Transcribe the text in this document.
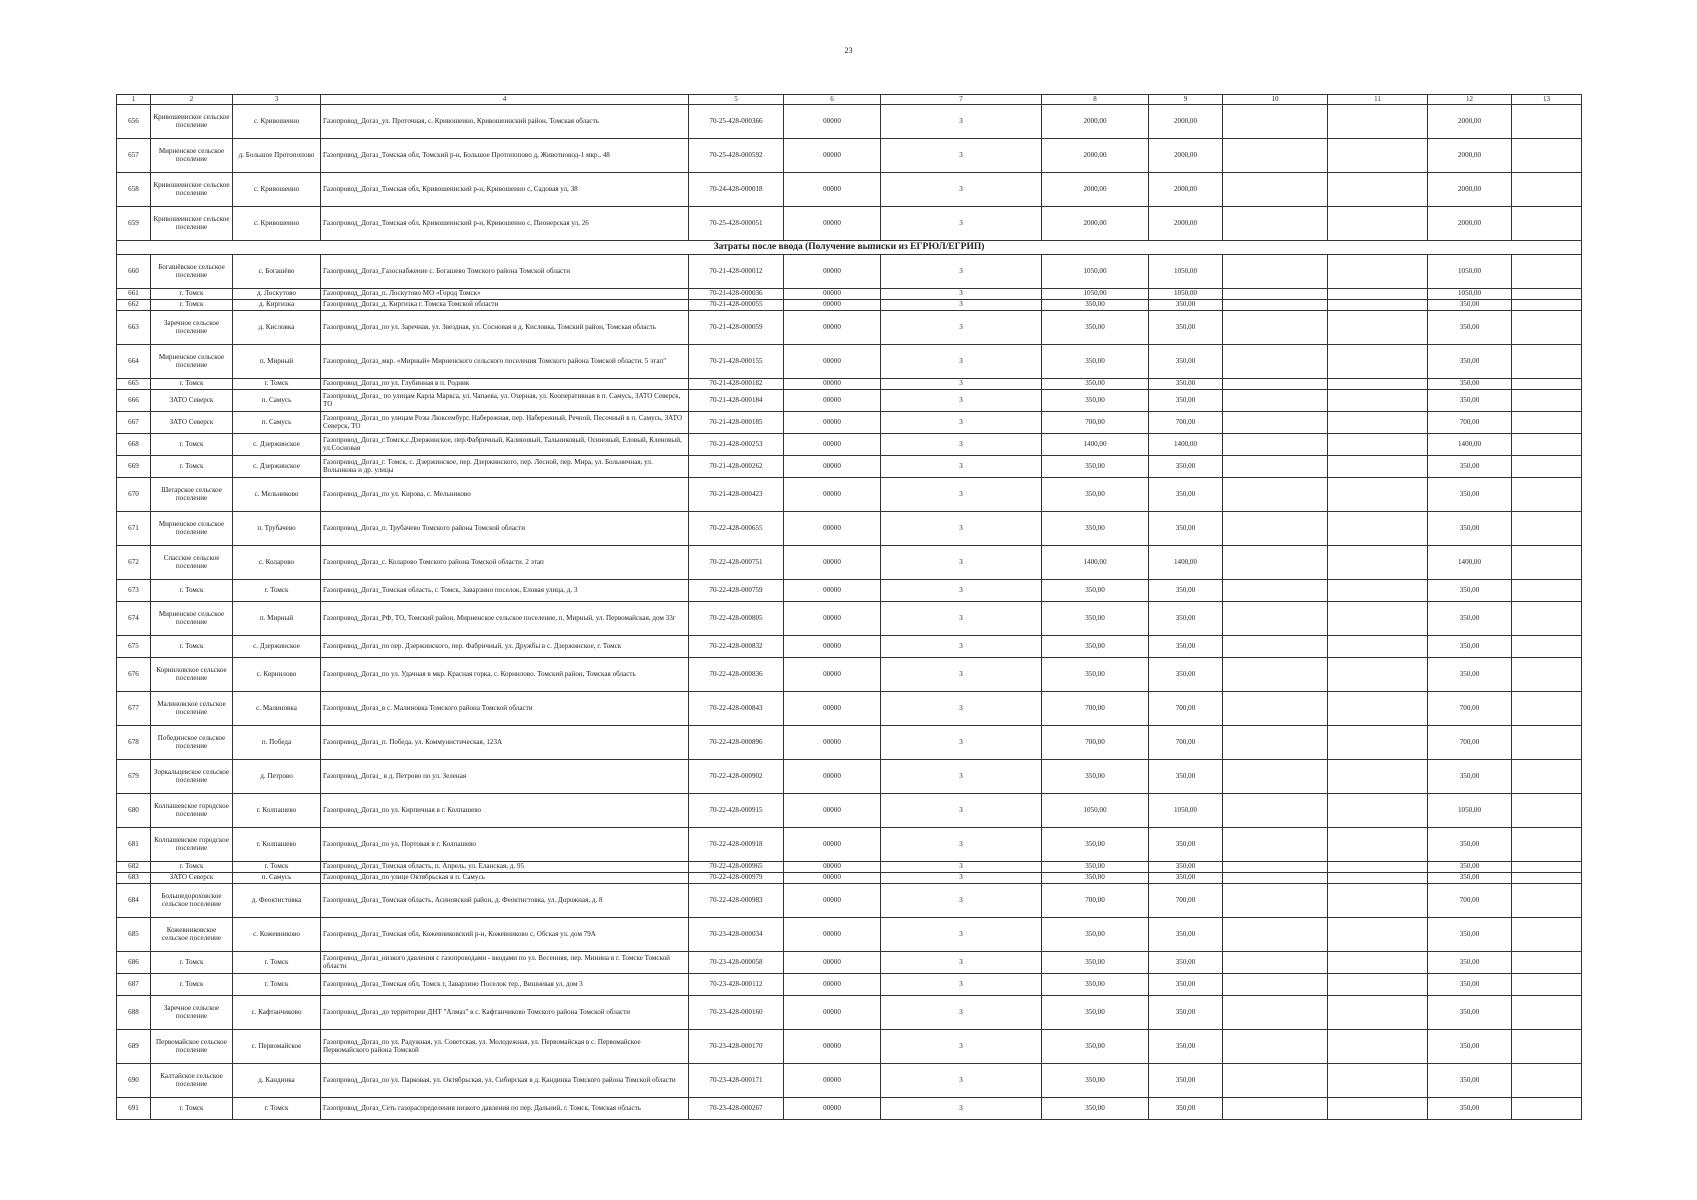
23
1	2	3	4	5	6	7	8	9	10	11	12	13
656	Кривошеинское сельское поселение	с. Кривошеино	Газопровод_Догаз_ул. Проточная, с. Кривошеино, Кривошеинский район, Томская область	70-25-428-000366	00000	3	2000,00	2000,00			2000,00	
657	Мирненское сельское поселение	д. Большое Протопопово	Газопровод_Догаз_Томская обл, Томский р-н, Большое Протопопово д, Животновод-1 мкр., 48	70-25-428-000592	00000	3	2000,00	2000,00			2000,00	
658	Кривошеинское сельское поселение	с. Кривошеино	Газопровод_Догаз_Томская обл, Кривошеинский р-н, Кривошеино с, Садовая ул, 38	70-24-428-000018	00000	3	2000,00	2000,00			2000,00	
659	Кривошеинское сельское поселение	с. Кривошеино	Газопровод_Догаз_Томская обл, Кривошеинский р-н, Кривошеино с, Пионерская ул, 26	70-25-428-000051	00000	3	2000,00	2000,00			2000,00	
Затраты после ввода (Получение выписки из ЕГРЮЛ/ЕГРИП)												
660	Богашёвское сельское поселение	с. Богашёво	Газопровод_Догаз_Газоснабжение с. Богашево Томского района Томской области	70-21-428-000012	00000	3	1050,00	1050,00			1050,00	
661	г. Томск	д. Лоскутово	Газопровод_Догаз_п. Лоскутово МО «Город Томск»	70-21-428-000036	00000	3	1050,00	1050,00			1050,00	
662	г. Томск	д. Киргизка	Газопровод_Догаз_д. Киргизка г. Томска Томской области	70-21-428-000055	00000	3	350,00	350,00			350,00	
663	Заречное сельское поселение	д. Кисловка	Газопровод_Догаз_по ул. Заречная, ул. Звездная, ул. Сосновая в д. Кисловка, Томский район, Томская область	70-21-428-000059	00000	3	350,00	350,00			350,00	
664	Мирненское сельское поселение	п. Мирный	Газопровод_Догаз_мкр. «Мирный» Мирненского сельского поселения Томского района Томской области. 5 этап"	70-21-428-000155	00000	3	350,00	350,00			350,00	
665	г. Томск	г. Томск	Газопровод_Догаз_по ул. Глубинная в п. Родник	70-21-428-000182	00000	3	350,00	350,00			350,00	
666	ЗАТО Северск	п. Самусь	Газопровод_Догаз_ по улицам Карла Маркса, ул. Чапаева, ул. Озерная, ул. Кооперативная в п. Самусь, ЗАТО Северск, ТО	70-21-428-000184	00000	3	350,00	350,00			350,00	
667	ЗАТО Северск	п. Самусь	Газопровод_Догаз_по улицам Розы Люксембург, Набережная, пер. Набережный, Речной, Песочный в п. Самусь, ЗАТО Северск, ТО	70-21-428-000185	00000	3	700,00	700,00			700,00	
668	г. Томск	с. Дзержинское	Газопровод_Догаз_г.Томск,с.Дзержинское, пер.Фабричный, Калиновый, Тальниковый, Осиновый, Еловый, Кленовый, ул.Сосновая	70-21-428-000253	00000	3	1400,00	1400,00			1400,00	
669	г. Томск	с. Дзержинское	Газопровод_Догаз_г. Томск, с. Дзержинское, пер. Дзержинского, пер. Лесной, пер. Мира, ул. Больничная, ул. Волынкова и др. улицы	70-21-428-000262	00000	3	350,00	350,00			350,00	
670	Шегарское сельское поселение	с. Мельниково	Газопровод_Догаз_по ул. Кирова, с. Мельниково	70-21-428-000423	00000	3	350,00	350,00			350,00	
671	Мирненское сельское поселение	п. Трубачево	Газопровод_Догаз_п. Трубачево Томского района Томской области	70-22-428-000655	00000	3	350,00	350,00			350,00	
672	Спасское сельское поселение	с. Коларово	Газопровод_Догаз_с. Коларово Томского района Томской области. 2 этап	70-22-428-000751	00000	3	1400,00	1400,00			1400,00	
673	г. Томск	г. Томск	Газопровод_Догаз_Томская область, г. Томск, Заварзино поселок, Еловая улица, д. 3	70-22-428-000759	00000	3	350,00	350,00			350,00	
674	Мирненское сельское поселение	п. Мирный	Газопровод_Догаз_РФ, ТО, Томский район, Мирненское сельское поселение, п. Мирный, ул. Первомайская, дом 33г	70-22-428-000805	00000	3	350,00	350,00			350,00	
675	г. Томск	с. Дзержинское	Газопровод_Догаз_по пер. Дзержинского, пер. Фабричный, ул. Дружбы в с. Дзержинское, г. Томск	70-22-428-000832	00000	3	350,00	350,00			350,00	
676	Корниловское сельское поселение	с. Корнилово	Газопровод_Догаз_по ул. Удачная в мкр. Красная горка, с. Корнилово. Томский район, Томская область	70-22-428-000836	00000	3	350,00	350,00			350,00	
677	Малиновское сельское поселение	с. Малиновка	Газопровод_Догаз_в с. Малиновка Томского района Томской области	70-22-428-000843	00000	3	700,00	700,00			700,00	
678	Побединское сельское поселение	п. Победа	Газопровод_Догаз_п. Победа, ул. Коммунистическая, 123А	70-22-428-000896	00000	3	700,00	700,00			700,00	
679	Зоркальцевское сельское поселение	д. Петрово	Газопровод_Догаз_ в д. Петрово по ул. Зеленая	70-22-428-000902	00000	3	350,00	350,00			350,00	
680	Колпашевское городское поселение	г. Колпашево	Газопровод_Догаз_по ул. Кирпичная в г. Колпашево	70-22-428-000915	00000	3	1050,00	1050,00			1050,00	
681	Колпашевское городское поселение	г. Колпашево	Газопровод_Догаз_по ул. Портовая в г. Колпашево	70-22-428-000918	00000	3	350,00	350,00			350,00	
682	г. Томск	г. Томск	Газопровод_Догаз_Томская область, п. Апрель, ул. Еланская, д. 95	70-22-428-000965	00000	3	350,00	350,00			350,00	
683	ЗАТО Северск	п. Самусь	Газопровод_Догаз_по улице Октябрьская в п. Самусь	70-22-428-000979	00000	3	350,00	350,00			350,00	
684	Большедороховское сельское поселение	д. Феоктистовка	Газопровод_Догаз_Томская область, Асиновский район, д. Феоктистовка, ул. Дорожная, д. 8	70-22-428-000983	00000	3	700,00	700,00			700,00	
685	Кожевниковское сельское поселение	с. Кожевниково	Газопровод_Догаз_Томская обл, Кожевниковский р-н, Кожевниково с, Обская ул. дом 79А	70-23-428-000034	00000	3	350,00	350,00			350,00	
686	г. Томск	г. Томск	Газопровод_Догаз_низкого давления с газопроводами - вводами по ул. Весенняя, пер. Минина в г. Томске Томской области	70-23-428-000058	00000	3	350,00	350,00			350,00	
687	г. Томск	г. Томск	Газопровод_Догаз_Томская обл, Томск г, Заварзино Поселок тер., Вишневая ул, дом 3	70-23-428-000112	00000	3	350,00	350,00			350,00	
688	Заречное сельское поселение	с. Кафтанчиково	Газопровод_Догаз_до территории ДНТ "Алмаз" в с. Кафтанчиково Томского района Томской области	70-23-428-000160	00000	3	350,00	350,00			350,00	
689	Первомайское сельское поселение	с. Первомайское	Газопровод_Догаз_по ул. Радужная, ул. Советская, ул. Молодежная, ул. Первомайская в с. Первомайское Первомайского района Томской	70-23-428-000170	00000	3	350,00	350,00			350,00	
690	Калтайское сельское поселение	д. Кандинка	Газопровод_Догаз_по ул. Парковая, ул. Октябрьская, ул. Сибирская в д. Кандинка Томского района Томской области	70-23-428-000171	00000	3	350,00	350,00			350,00	
691	г. Томск	г. Томск	Газопровод_Догаз_Сеть газораспределения низкого давления по пер. Дальний, г. Томск, Томская область	70-23-428-000267	00000	3	350,00	350,00			350,00	
